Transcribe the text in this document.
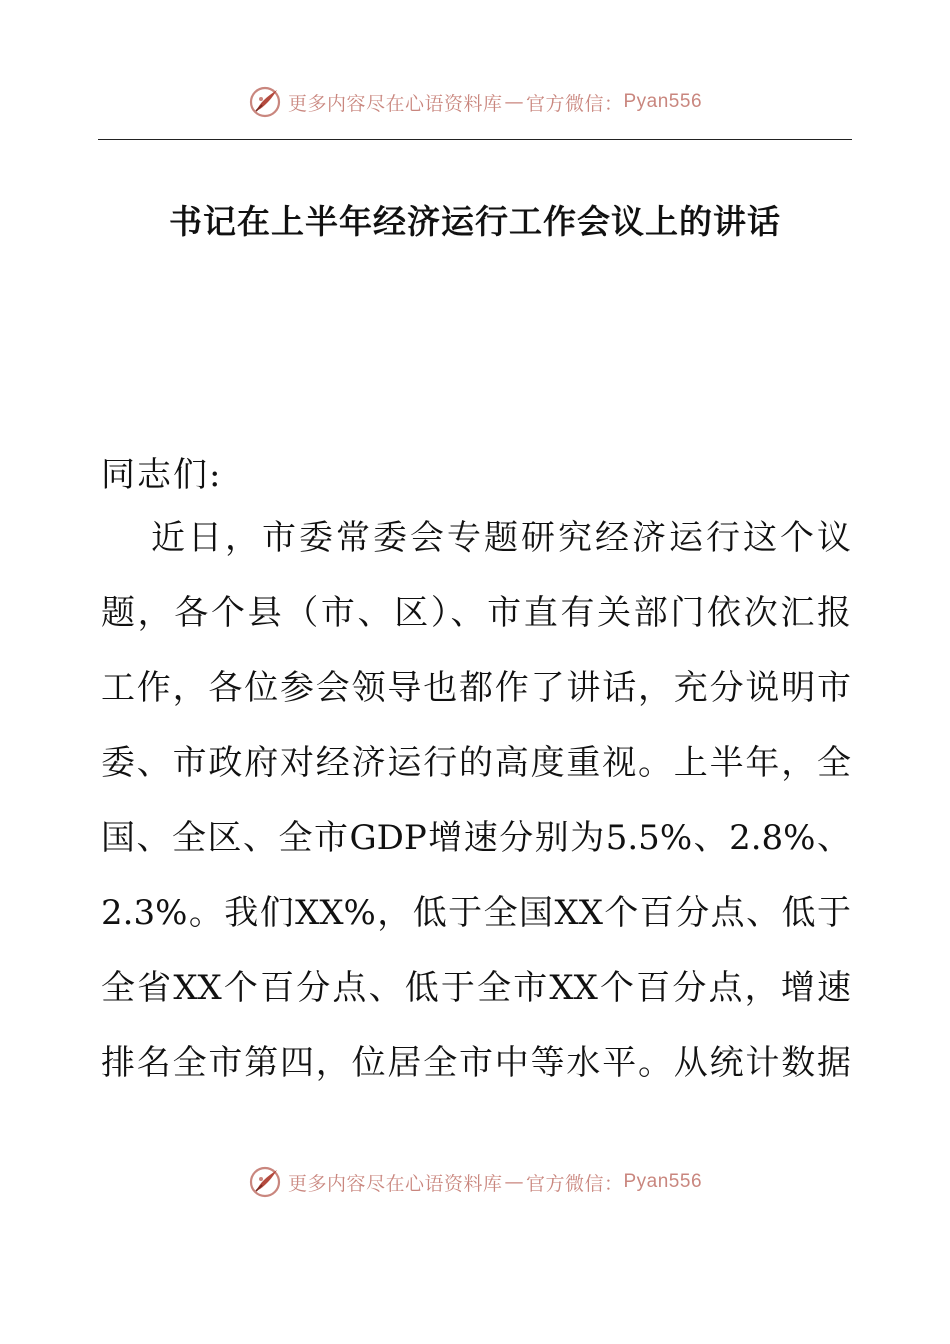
更多内容尽在心语资料库 — 官方微信： Pyan556
书记在上半年经济运行工作会议上的讲话
同志们:
近日，市委常委会专题研究经济运行这个议
题，各个县（市、区）、市直有关部门依次汇报
工作，各位参会领导也都作了讲话，充分说明市
委、市政府对经济运行的高度重视。上半年，全
国、全区、全市GDP增速分别为5.5%、2.8%、
2.3%。我们XX%，低于全国XX个百分点、低于
全省XX个百分点、低于全市XX个百分点，增速
排名全市第四，位居全市中等水平。从统计数据
更多内容尽在心语资料库 — 官方微信： Pyan556
